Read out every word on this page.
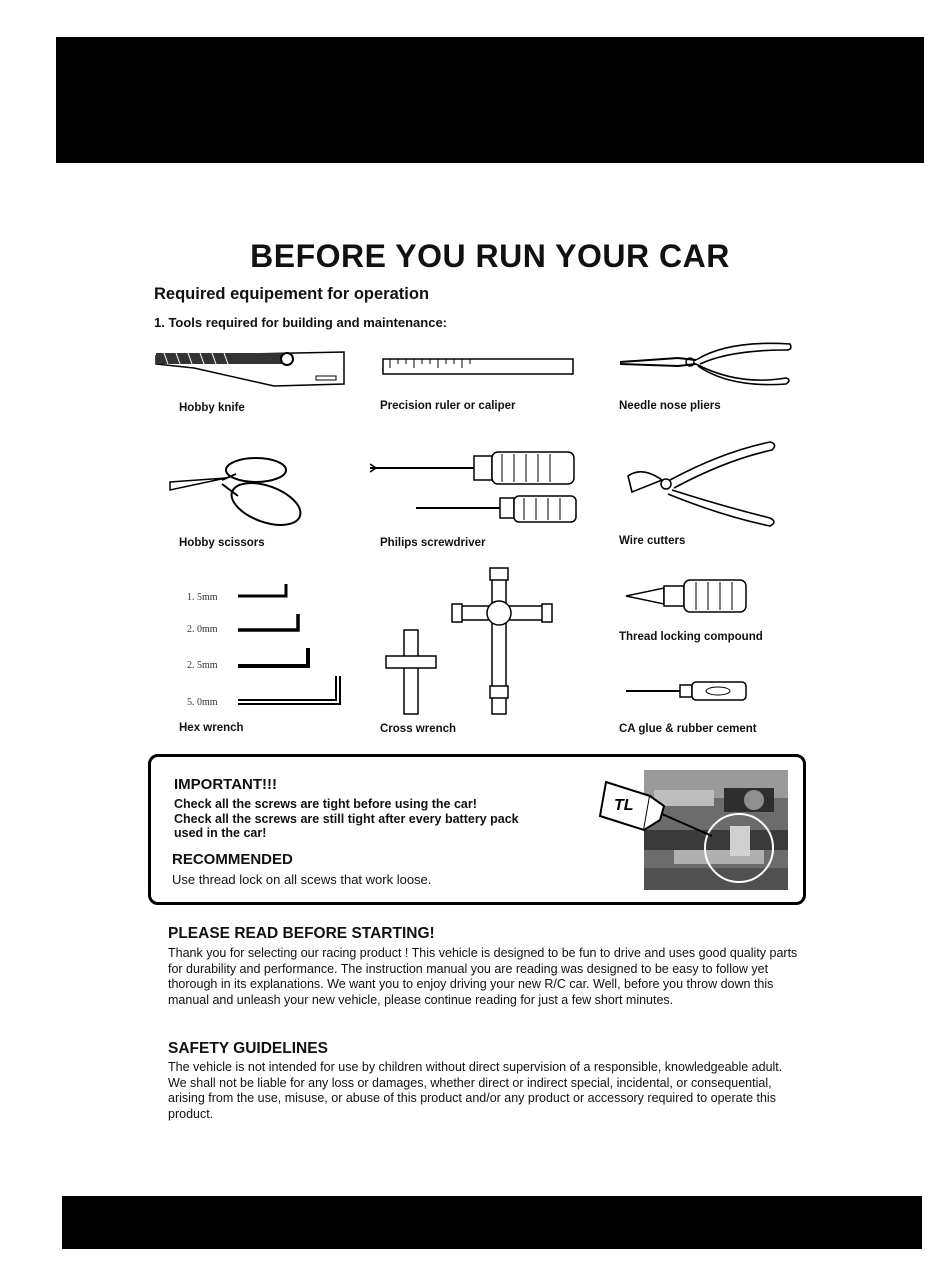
BEFORE YOU RUN YOUR CAR
Required equipement for operation
1. Tools required for building and maintenance:
Hobby knife	Precision ruler or caliper	Needle nose pliers
Hobby scissors	Philips screwdriver	Wire cutters
1. 5mm
2. 0mm
2. 5mm
5. 0mm
Hex wrench	Cross wrench
Thread locking compound
CA glue & rubber cement
IMPORTANT!!!
Check all the screws are tight before using the car!
Check all the screws are still tight after every battery pack used in the car!
RECOMMENDED
Use thread lock on all scews that work loose.
TL
PLEASE READ BEFORE STARTING!
Thank you for selecting our racing product ! This vehicle is designed to be fun to drive and uses good quality parts for durability and performance. The instruction manual you are reading was designed to be easy to follow yet thorough in its explanations. We want you to enjoy driving your new R/C car. Well, before you throw down this manual and unleash your new vehicle, please continue reading for just a few short minutes.
SAFETY GUIDELINES
The vehicle is not intended for use by children without direct supervision of a responsible, knowledgeable adult. We shall not be liable for any loss or damages, whether direct or indirect special, incidental, or consequential, arising from the use, misuse, or abuse of this product and/or any product or accessory required to operate this product.
